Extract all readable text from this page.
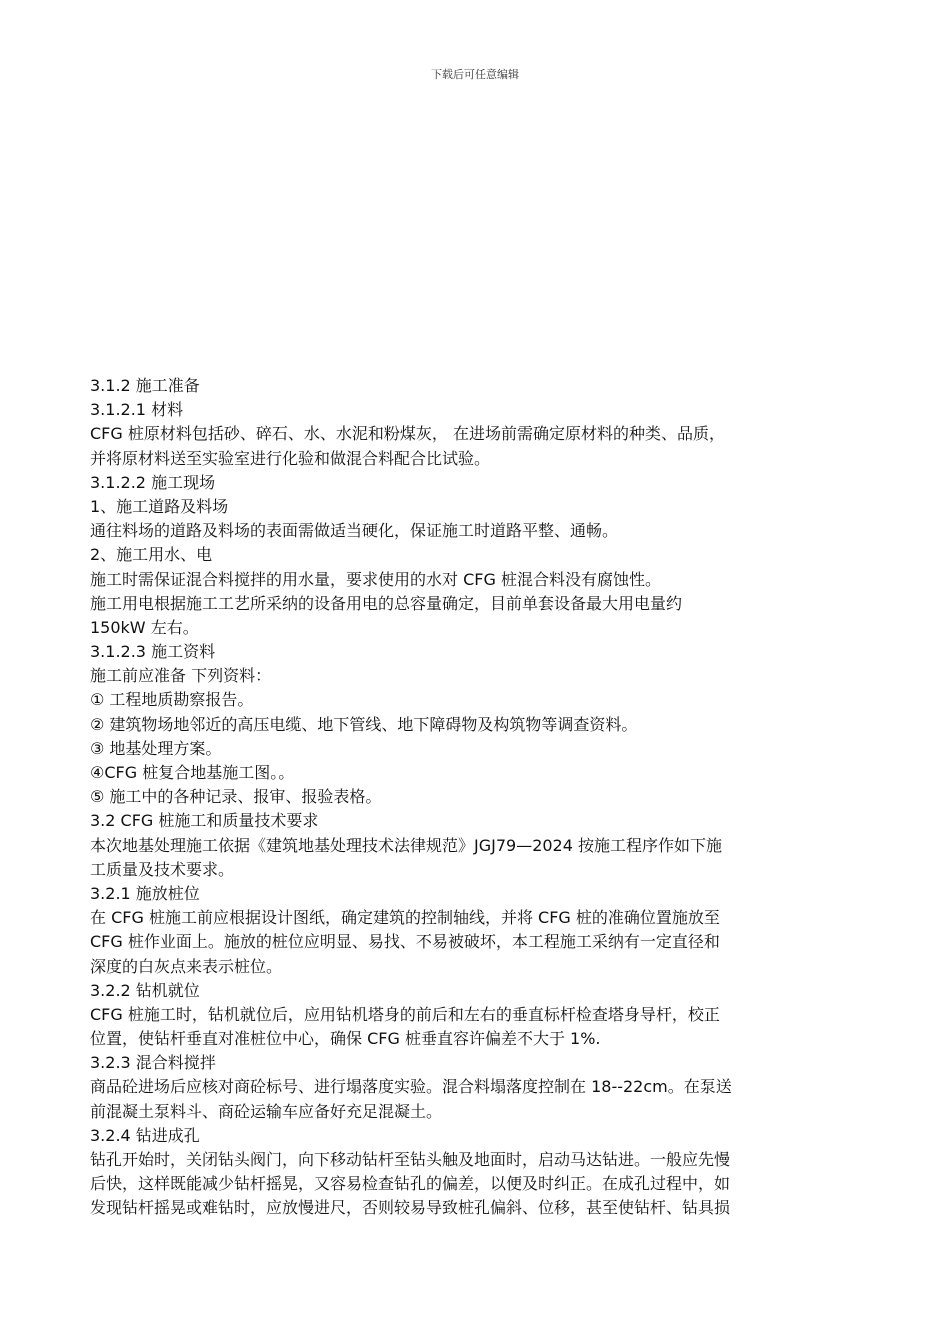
下载后可任意编辑
3.1.2 施工准备
3.1.2.1 材料
CFG 桩原材料包括砂、碎石、水、水泥和粉煤灰， 在进场前需确定原材料的种类、品质，
并将原材料送至实验室进行化验和做混合料配合比试验。
3.1.2.2 施工现场
1、施工道路及料场
通往料场的道路及料场的表面需做适当硬化，保证施工时道路平整、通畅。
2、施工用水、电
施工时需保证混合料搅拌的用水量，要求使用的水对 CFG 桩混合料没有腐蚀性。
施工用电根据施工工艺所采纳的设备用电的总容量确定，目前单套设备最大用电量约
150kW 左右。
3.1.2.3 施工资料
施工前应准备 下列资料：
① 工程地质勘察报告。
② 建筑物场地邻近的高压电缆、地下管线、地下障碍物及构筑物等调查资料。
③ 地基处理方案。
④CFG 桩复合地基施工图。。
⑤ 施工中的各种记录、报审、报验表格。
3.2 CFG 桩施工和质量技术要求
本次地基处理施工依据《建筑地基处理技术法律规范》JGJ79—2024 按施工程序作如下施
工质量及技术要求。
3.2.1 施放桩位
在 CFG 桩施工前应根据设计图纸，确定建筑的控制轴线，并将 CFG 桩的准确位置施放至
CFG 桩作业面上。施放的桩位应明显、易找、不易被破坏，本工程施工采纳有一定直径和
深度的白灰点来表示桩位。
3.2.2 钻机就位
CFG 桩施工时，钻机就位后，应用钻机塔身的前后和左右的垂直标杆检查塔身导杆，校正
位置，使钻杆垂直对准桩位中心，确保 CFG 桩垂直容许偏差不大于 1%.
3.2.3 混合料搅拌
商品砼进场后应核对商砼标号、进行塌落度实验。混合料塌落度控制在 18--22cm。在泵送
前混凝土泵料斗、商砼运输车应备好充足混凝土。
3.2.4 钻进成孔
钻孔开始时，关闭钻头阀门，向下移动钻杆至钻头触及地面时，启动马达钻进。一般应先慢
后快，这样既能减少钻杆摇晃，又容易检查钻孔的偏差，以便及时纠正。在成孔过程中，如
发现钻杆摇晃或难钻时，应放慢进尺，否则较易导致桩孔偏斜、位移，甚至使钻杆、钻具损
